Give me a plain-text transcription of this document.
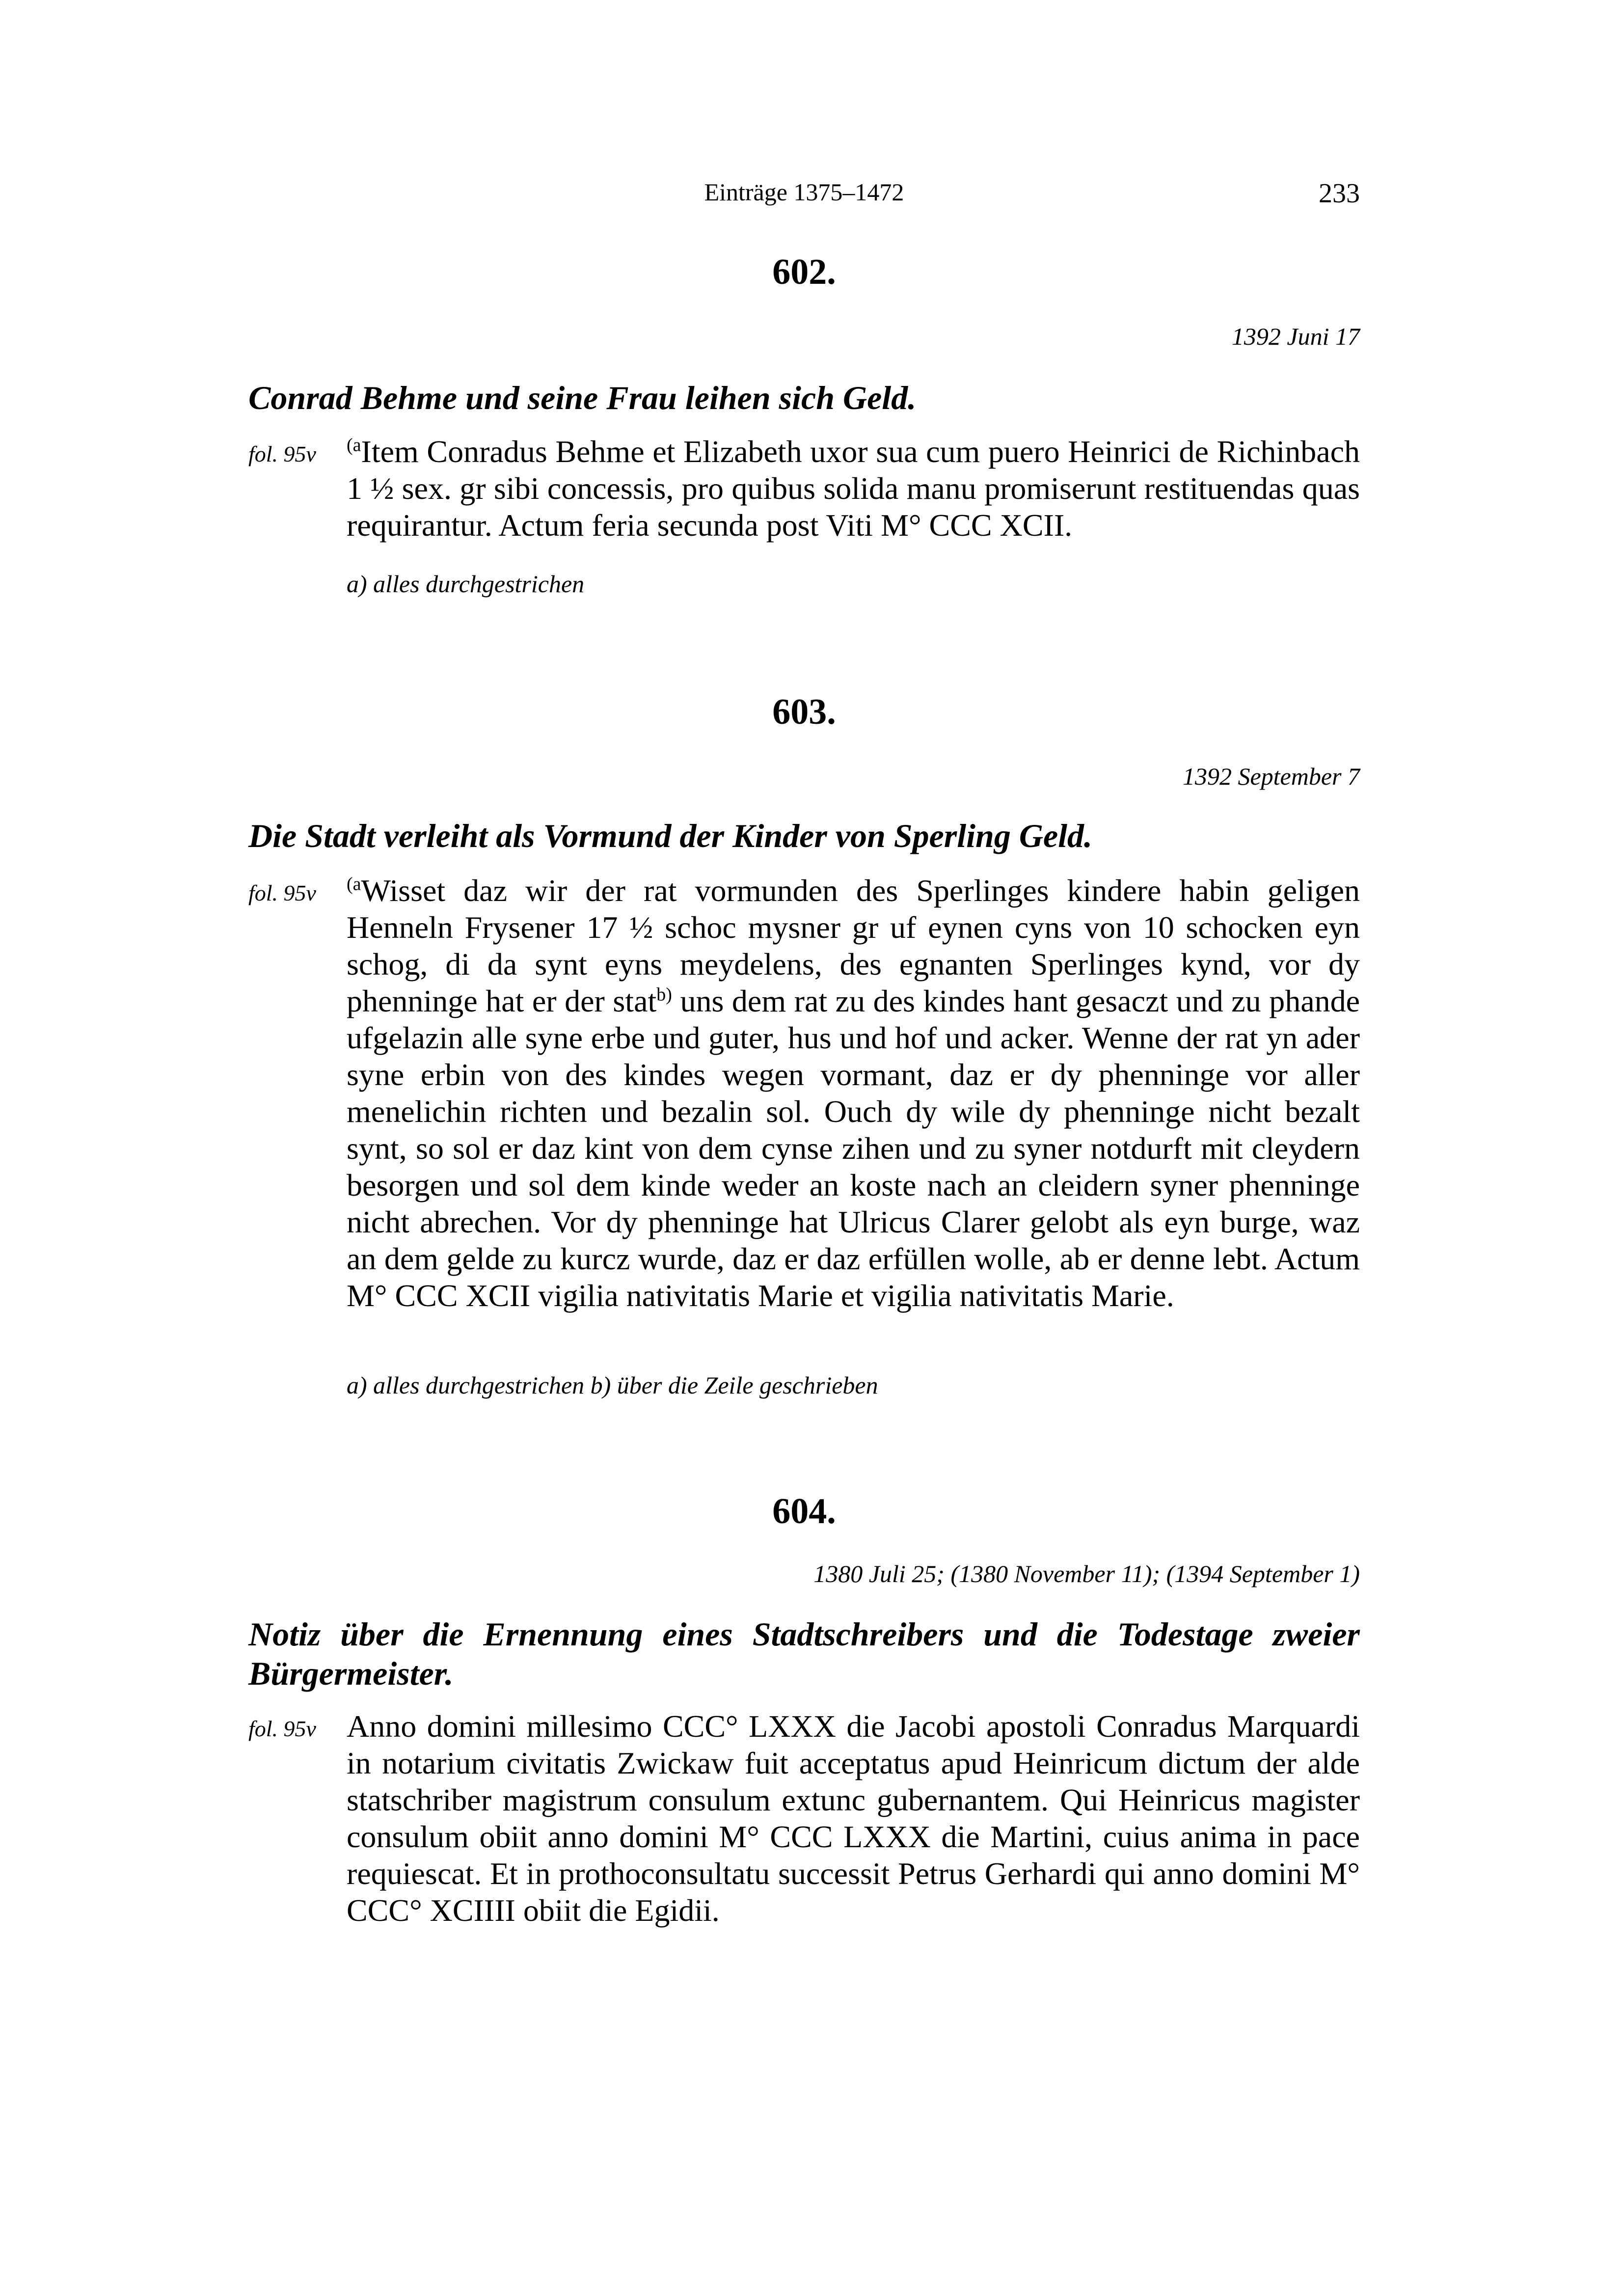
Einträge 1375–1472	233
602.
1392 Juni 17
Conrad Behme und seine Frau leihen sich Geld.
fol. 95v $^{(a}$Item Conradus Behme et Elizabeth uxor sua cum puero Heinrici de Richinbach 1 ½ sex. gr sibi concessis, pro quibus solida manu promiserunt restituendas quas requirantur. Actum feria secunda post Viti M° CCC XCII.
a) alles durchgestrichen
603.
1392 September 7
Die Stadt verleiht als Vormund der Kinder von Sperling Geld.
fol. 95v $^{(a}$Wisset daz wir der rat vormunden des Sperlinges kindere habin geligen Henneln Frysener 17 ½ schoc mysner gr uf eynen cyns von 10 schocken eyn schog, di da synt eyns meydelens, des egnanten Sperlinges kynd, vor dy phenninge hat er der stat$^{b)}$ uns dem rat zu des kindes hant gesaczt und zu phande ufgelazin alle syne erbe und guter, hus und hof und acker. Wenne der rat yn ader syne erbin von des kindes wegen vormant, daz er dy phenninge vor aller menelichin richten und bezalin sol. Ouch dy wile dy phenninge nicht bezalt synt, so sol er daz kint von dem cynse zihen und zu syner notdurft mit cleydern besorgen und sol dem kinde weder an koste nach an cleidern syner phenninge nicht abrechen. Vor dy phenninge hat Ulricus Clarer gelobt als eyn burge, waz an dem gelde zu kurcz wurde, daz er daz erfüllen wolle, ab er denne lebt. Actum M° CCC XCII vigilia nativitatis Marie et vigilia nativitatis Marie.
a) alles durchgestrichen b) über die Zeile geschrieben
604.
1380 Juli 25; (1380 November 11); (1394 September 1)
Notiz über die Ernennung eines Stadtschreibers und die Todestage zweier Bürgermeister.
fol. 95v Anno domini millesimo CCC° LXXX die Jacobi apostoli Conradus Marquardi in notarium civitatis Zwickaw fuit acceptatus apud Heinricum dictum der alde statschriber magistrum consulum extunc gubernantem. Qui Heinricus magister consulum obiit anno domini M° CCC LXXX die Martini, cuius anima in pace requiescat. Et in prothoconsultatu successit Petrus Gerhardi qui anno domini M° CCC° XCIIII obiit die Egidii.
